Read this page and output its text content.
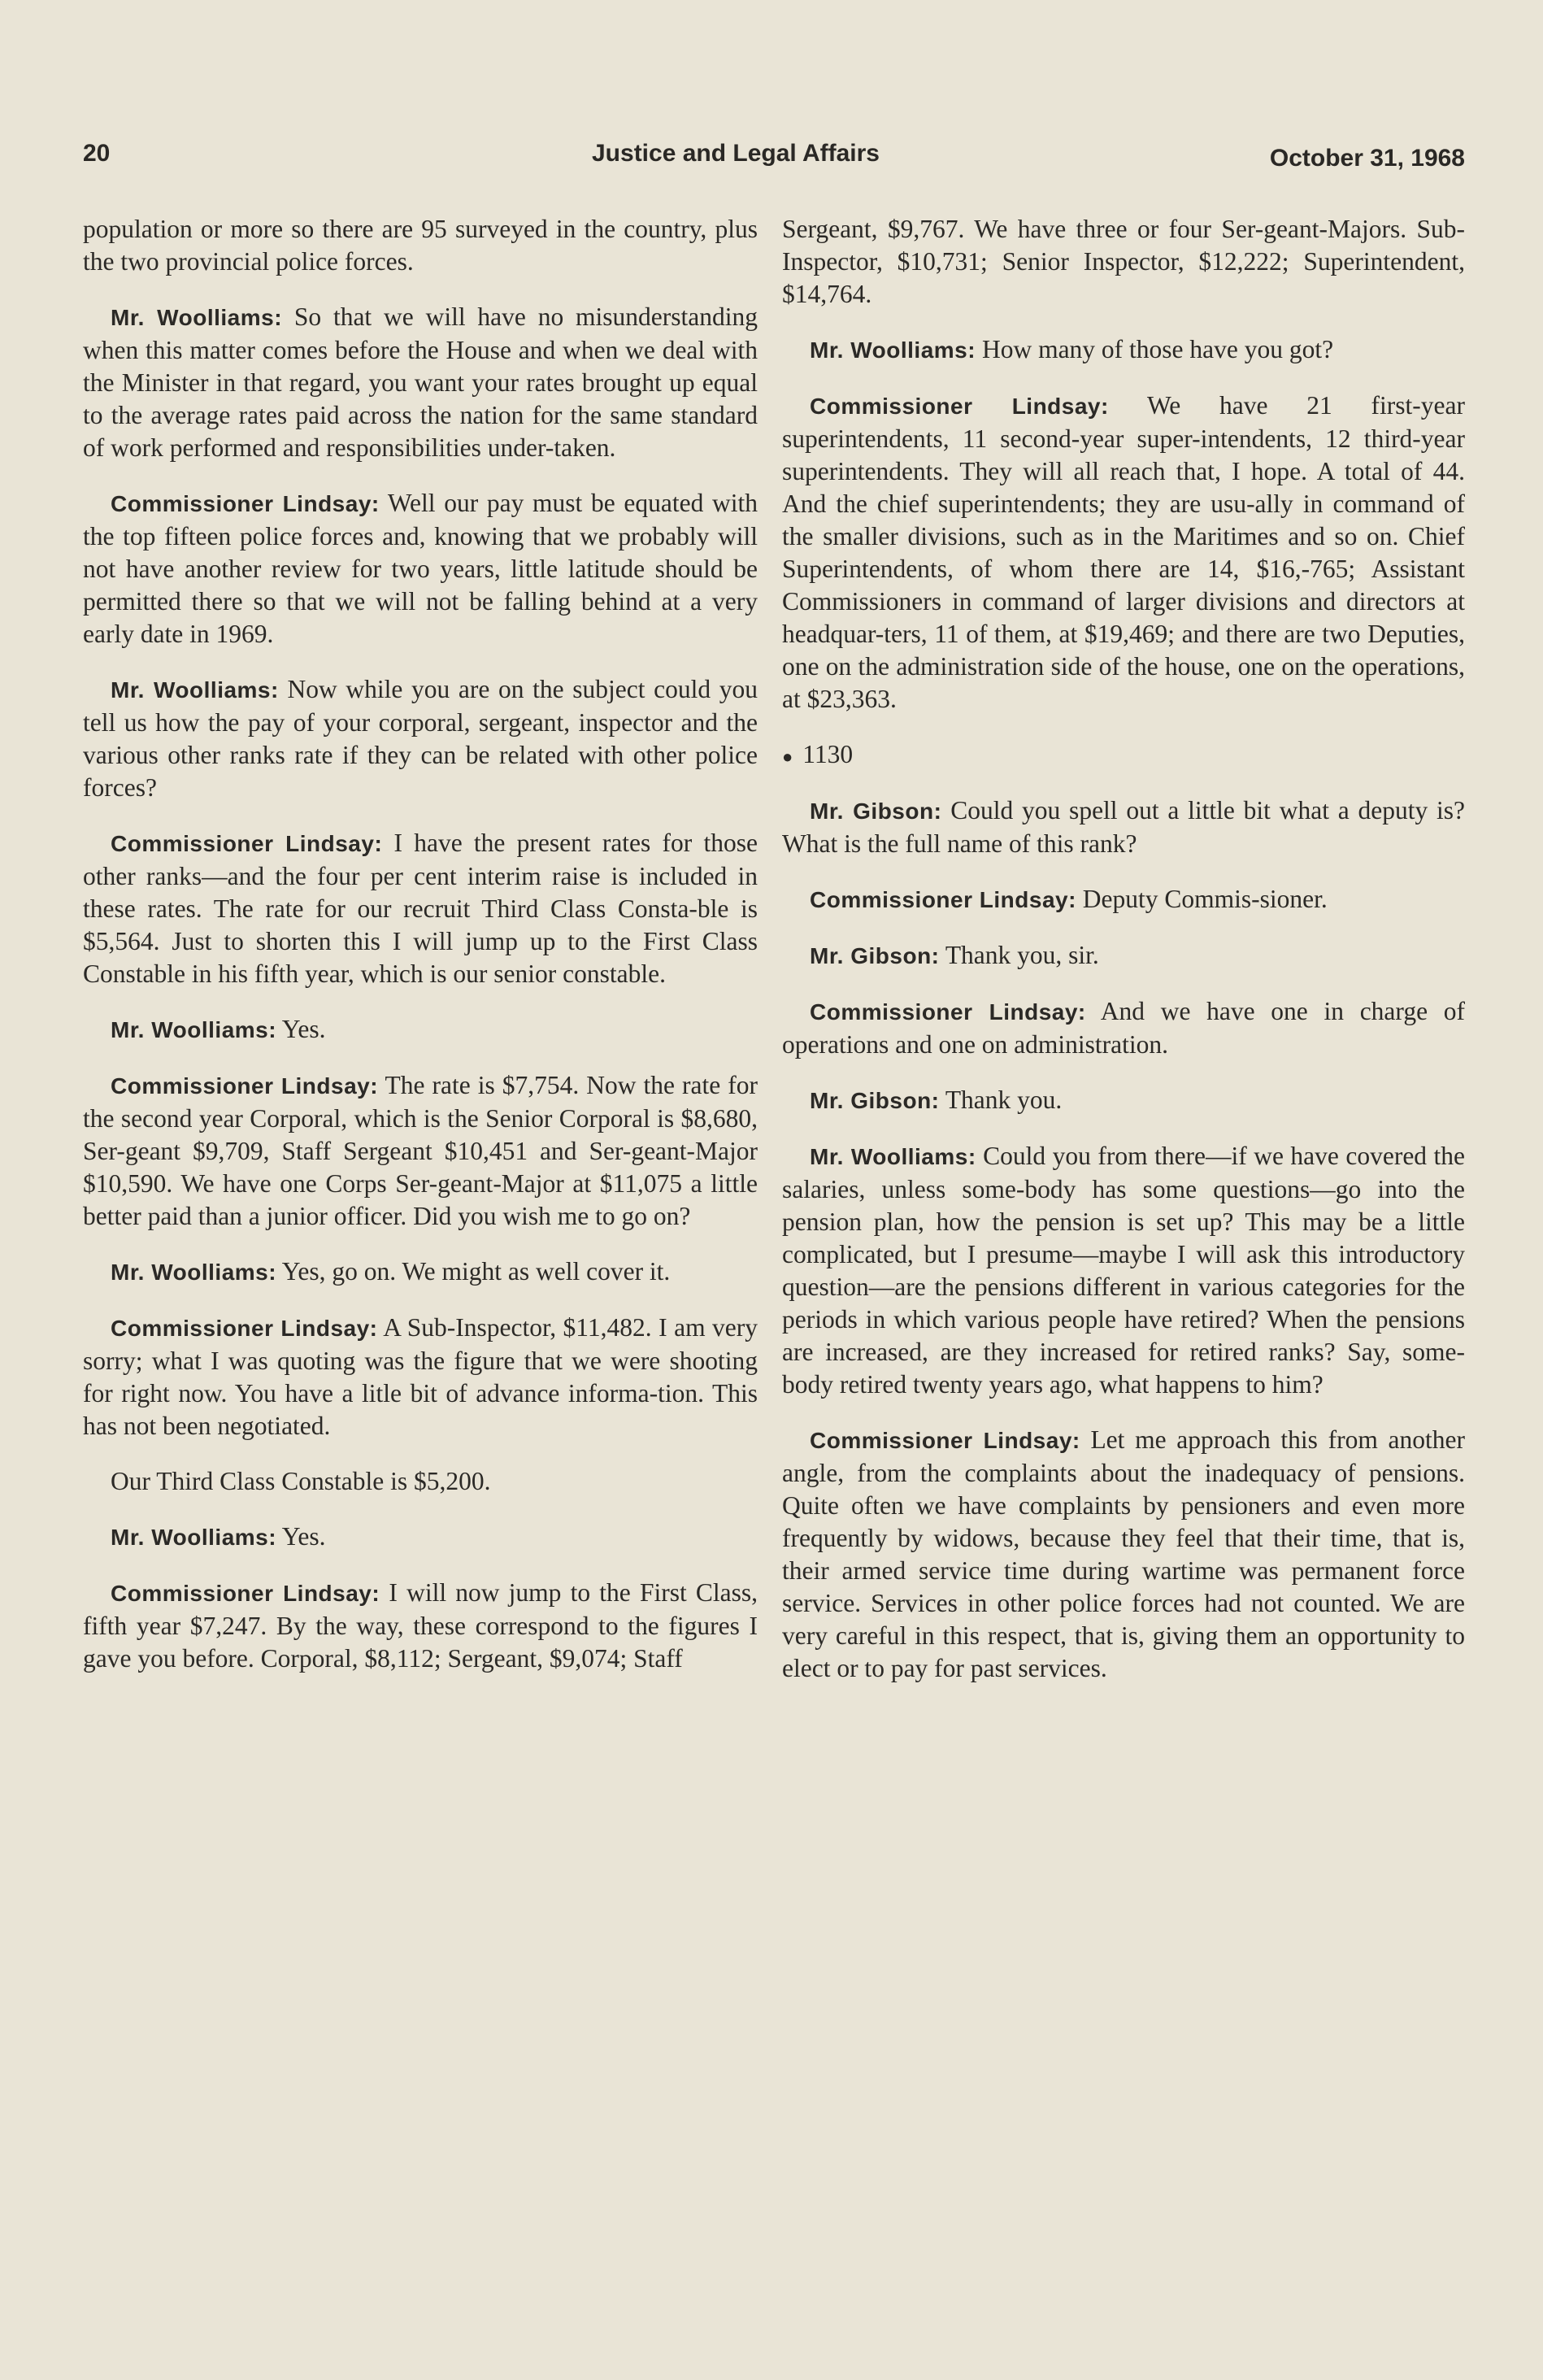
20	Justice and Legal Affairs	October 31, 1968

population or more so there are 95 surveyed in the country, plus the two provincial police forces.

Mr. Woolliams: So that we will have no misunderstanding when this matter comes before the House and when we deal with the Minister in that regard, you want your rates brought up equal to the average rates paid across the nation for the same standard of work performed and responsibilities under-taken.

Commissioner Lindsay: Well our pay must be equated with the top fifteen police forces and, knowing that we probably will not have another review for two years, little latitude should be permitted there so that we will not be falling behind at a very early date in 1969.

Mr. Woolliams: Now while you are on the subject could you tell us how the pay of your corporal, sergeant, inspector and the various other ranks rate if they can be related with other police forces?

Commissioner Lindsay: I have the present rates for those other ranks—and the four per cent interim raise is included in these rates. The rate for our recruit Third Class Consta-ble is $5,564. Just to shorten this I will jump up to the First Class Constable in his fifth year, which is our senior constable.

Mr. Woolliams: Yes.

Commissioner Lindsay: The rate is $7,754. Now the rate for the second year Corporal, which is the Senior Corporal is $8,680, Ser-geant $9,709, Staff Sergeant $10,451 and Ser-geant-Major $10,590. We have one Corps Ser-geant-Major at $11,075 a little better paid than a junior officer. Did you wish me to go on?

Mr. Woolliams: Yes, go on. We might as well cover it.

Commissioner Lindsay: A Sub-Inspector, $11,482. I am very sorry; what I was quoting was the figure that we were shooting for right now. You have a litle bit of advance informa-tion. This has not been negotiated.

Our Third Class Constable is $5,200.

Mr. Woolliams: Yes.

Commissioner Lindsay: I will now jump to the First Class, fifth year $7,247. By the way, these correspond to the figures I gave you before. Corporal, $8,112; Sergeant, $9,074; Staff

Sergeant, $9,767. We have three or four Ser-geant-Majors. Sub-Inspector, $10,731; Senior Inspector, $12,222; Superintendent, $14,764.

Mr. Woolliams: How many of those have you got?

Commissioner Lindsay: We have 21 first-year superintendents, 11 second-year super-intendents, 12 third-year superintendents. They will all reach that, I hope. A total of 44. And the chief superintendents; they are usu-ally in command of the smaller divisions, such as in the Maritimes and so on. Chief Superintendents, of whom there are 14, $16,-765; Assistant Commissioners in command of larger divisions and directors at headquar-ters, 11 of them, at $19,469; and there are two Deputies, one on the administration side of the house, one on the operations, at $23,363.

● 1130

Mr. Gibson: Could you spell out a little bit what a deputy is? What is the full name of this rank?

Commissioner Lindsay: Deputy Commis-sioner.

Mr. Gibson: Thank you, sir.

Commissioner Lindsay: And we have one in charge of operations and one on administration.

Mr. Gibson: Thank you.

Mr. Woolliams: Could you from there—if we have covered the salaries, unless some-body has some questions—go into the pension plan, how the pension is set up? This may be a little complicated, but I presume—maybe I will ask this introductory question—are the pensions different in various categories for the periods in which various people have retired? When the pensions are increased, are they increased for retired ranks? Say, some-body retired twenty years ago, what happens to him?

Commissioner Lindsay: Let me approach this from another angle, from the complaints about the inadequacy of pensions. Quite often we have complaints by pensioners and even more frequently by widows, because they feel that their time, that is, their armed service time during wartime was permanent force service. Services in other police forces had not counted. We are very careful in this respect, that is, giving them an opportunity to elect or to pay for past services.
